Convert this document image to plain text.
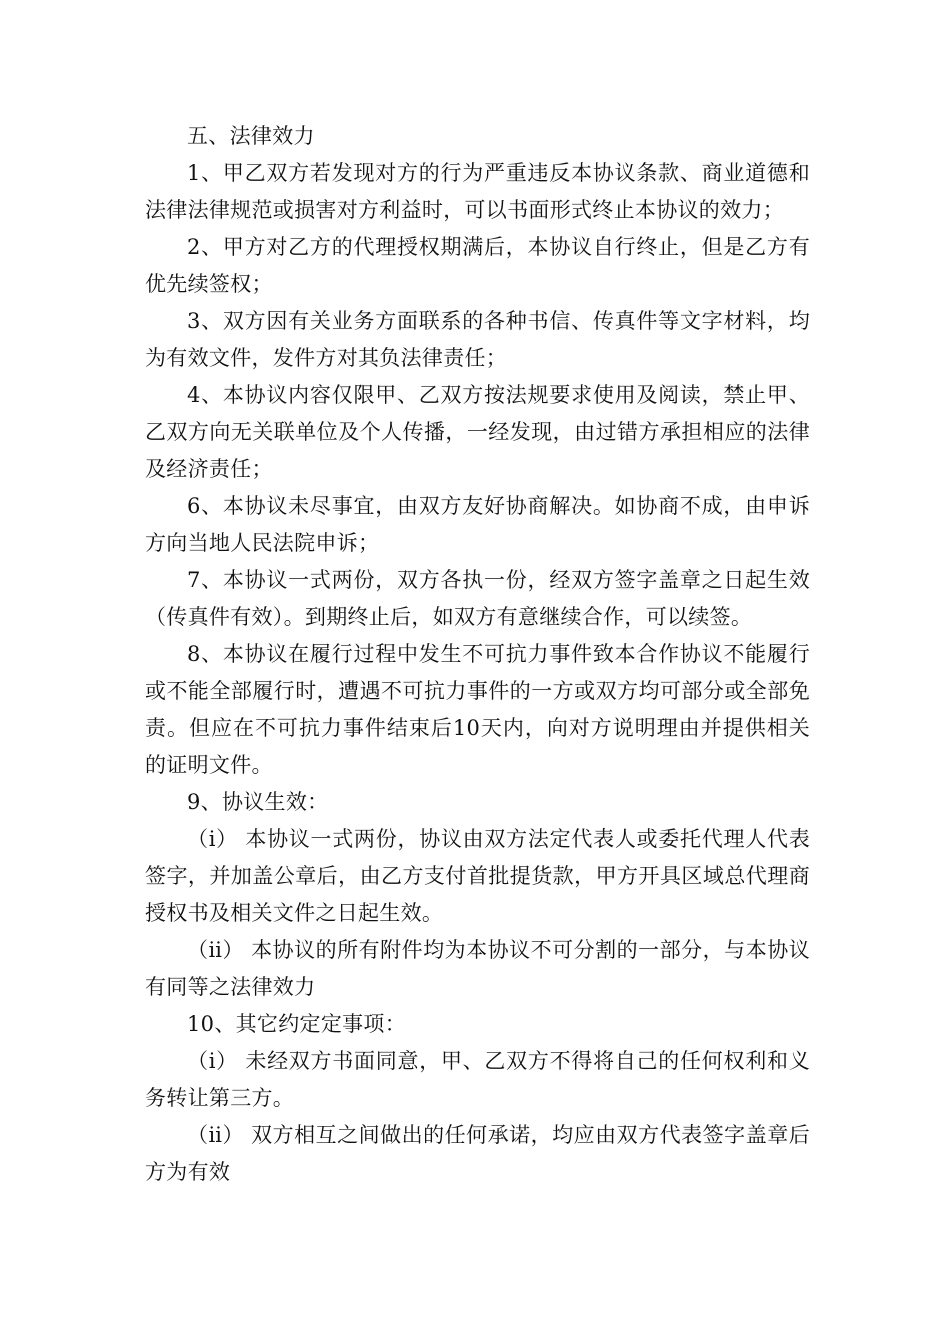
五、法律效力

1、甲乙双方若发现对方的行为严重违反本协议条款、商业道德和法律法律规范或损害对方利益时，可以书面形式终止本协议的效力；

2、甲方对乙方的代理授权期满后，本协议自行终止，但是乙方有优先续签权；

3、双方因有关业务方面联系的各种书信、传真件等文字材料，均为有效文件，发件方对其负法律责任；

4、本协议内容仅限甲、乙双方按法规要求使用及阅读，禁止甲、乙双方向无关联单位及个人传播，一经发现，由过错方承担相应的法律及经济责任；

6、本协议未尽事宜，由双方友好协商解决。如协商不成，由申诉方向当地人民法院申诉；

7、本协议一式两份，双方各执一份，经双方签字盖章之日起生效（传真件有效）。到期终止后，如双方有意继续合作，可以续签。

8、本协议在履行过程中发生不可抗力事件致本合作协议不能履行或不能全部履行时，遭遇不可抗力事件的一方或双方均可部分或全部免责。但应在不可抗力事件结束后10天内，向对方说明理由并提供相关的证明文件。

9、协议生效：

（ⅰ） 本协议一式两份，协议由双方法定代表人或委托代理人代表签字，并加盖公章后，由乙方支付首批提货款，甲方开具区域总代理商授权书及相关文件之日起生效。

（ⅱ） 本协议的所有附件均为本协议不可分割的一部分，与本协议有同等之法律效力

10、其它约定定事项：

（ⅰ） 未经双方书面同意，甲、乙双方不得将自己的任何权利和义务转让第三方。

（ⅱ） 双方相互之间做出的任何承诺，均应由双方代表签字盖章后方为有效
